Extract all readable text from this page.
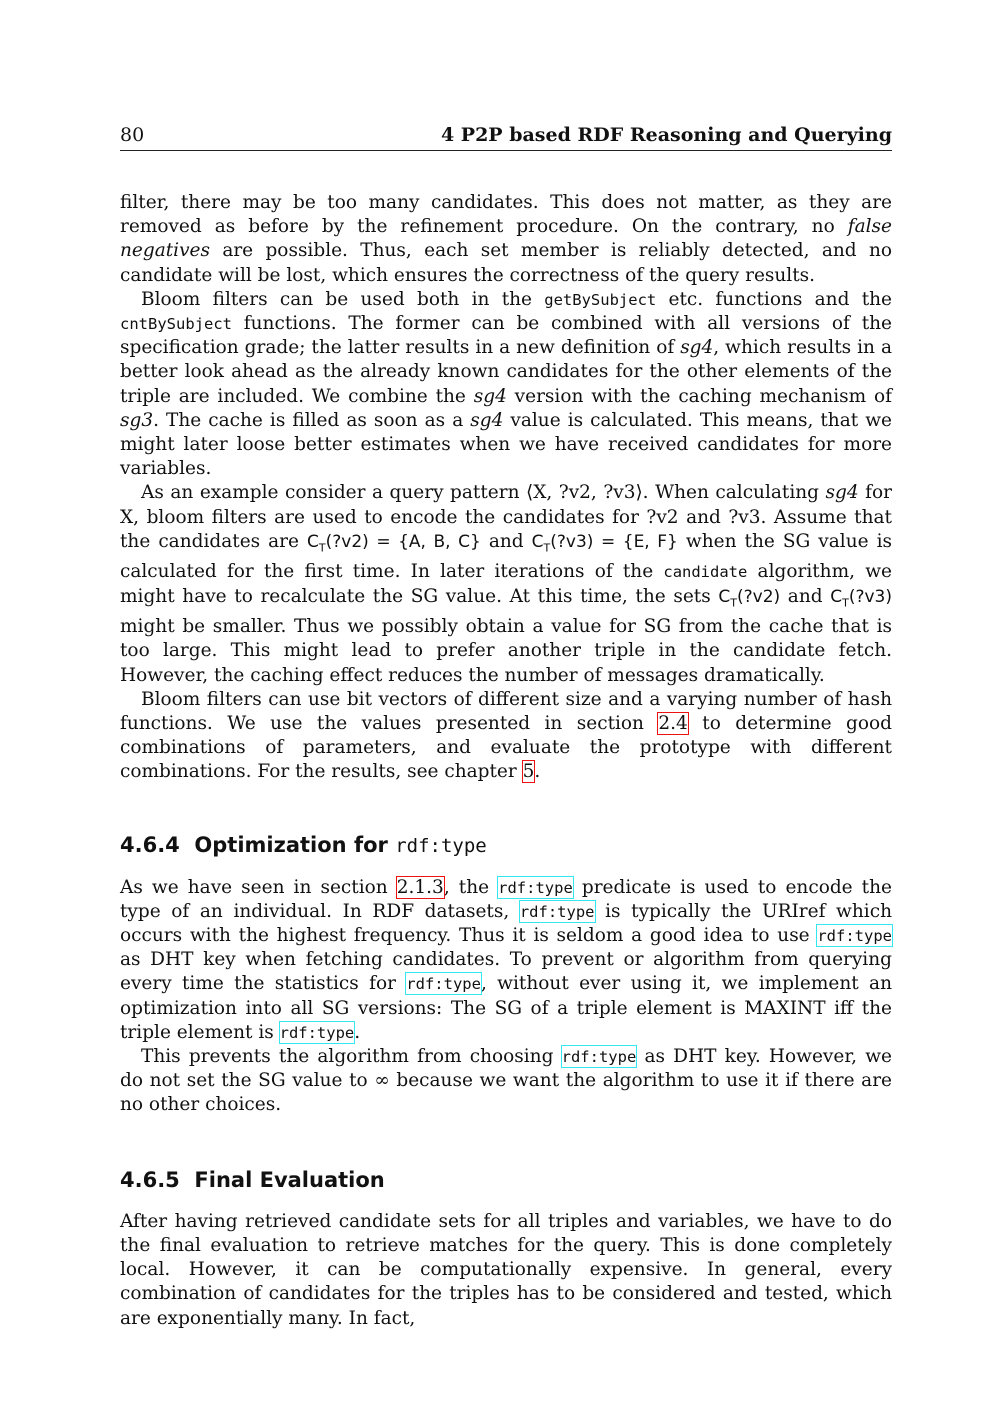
80	4 P2P based RDF Reasoning and Querying

filter, there may be too many candidates. This does not matter, as they are removed as before by the refinement procedure. On the contrary, no false negatives are possible. Thus, each set member is reliably detected, and no candidate will be lost, which ensures the correctness of the query results.

Bloom filters can be used both in the getBySubject etc. functions and the cntBySubject functions. The former can be combined with all versions of the specification grade; the latter results in a new definition of sg4, which results in a better look ahead as the already known candidates for the other elements of the triple are included. We combine the sg4 version with the caching mechanism of sg3. The cache is filled as soon as a sg4 value is calculated. This means, that we might later loose better estimates when we have received candidates for more variables.

As an example consider a query pattern ⟨X, ?v2, ?v3⟩. When calculating sg4 for X, bloom filters are used to encode the candidates for ?v2 and ?v3. Assume that the candidates are $C_T(?v2) = \{A$, B, C} and $C_T(?v3) = \{E$, F} when the SG value is calculated for the first time. In later iterations of the candidate algorithm, we might have to recalculate the SG value. At this time, the sets $C_T(?v2)$ and $C_T(?v3)$ might be smaller. Thus we possibly obtain a value for SG from the cache that is too large. This might lead to prefer another triple in the candidate fetch. However, the caching effect reduces the number of messages dramatically.

Bloom filters can use bit vectors of different size and a varying number of hash functions. We use the values presented in section 2.4 to determine good combinations of parameters, and evaluate the prototype with different combinations. For the results, see chapter 5.

4.6.4 Optimization for rdf:type

As we have seen in section 2.1.3, the rdf:type predicate is used to encode the type of an individual. In RDF datasets, rdf:type is typically the URIref which occurs with the highest frequency. Thus it is seldom a good idea to use rdf:type as DHT key when fetching candidates. To prevent or algorithm from querying every time the statistics for rdf:type, without ever using it, we implement an optimization into all SG versions: The SG of a triple element is MAXINT iff the triple element is rdf:type.

This prevents the algorithm from choosing rdf:type as DHT key. However, we do not set the SG value to ∞ because we want the algorithm to use it if there are no other choices.

4.6.5 Final Evaluation

After having retrieved candidate sets for all triples and variables, we have to do the final evaluation to retrieve matches for the query. This is done completely local. However, it can be computationally expensive. In general, every combination of candidates for the triples has to be considered and tested, which are exponentially many. In fact,
